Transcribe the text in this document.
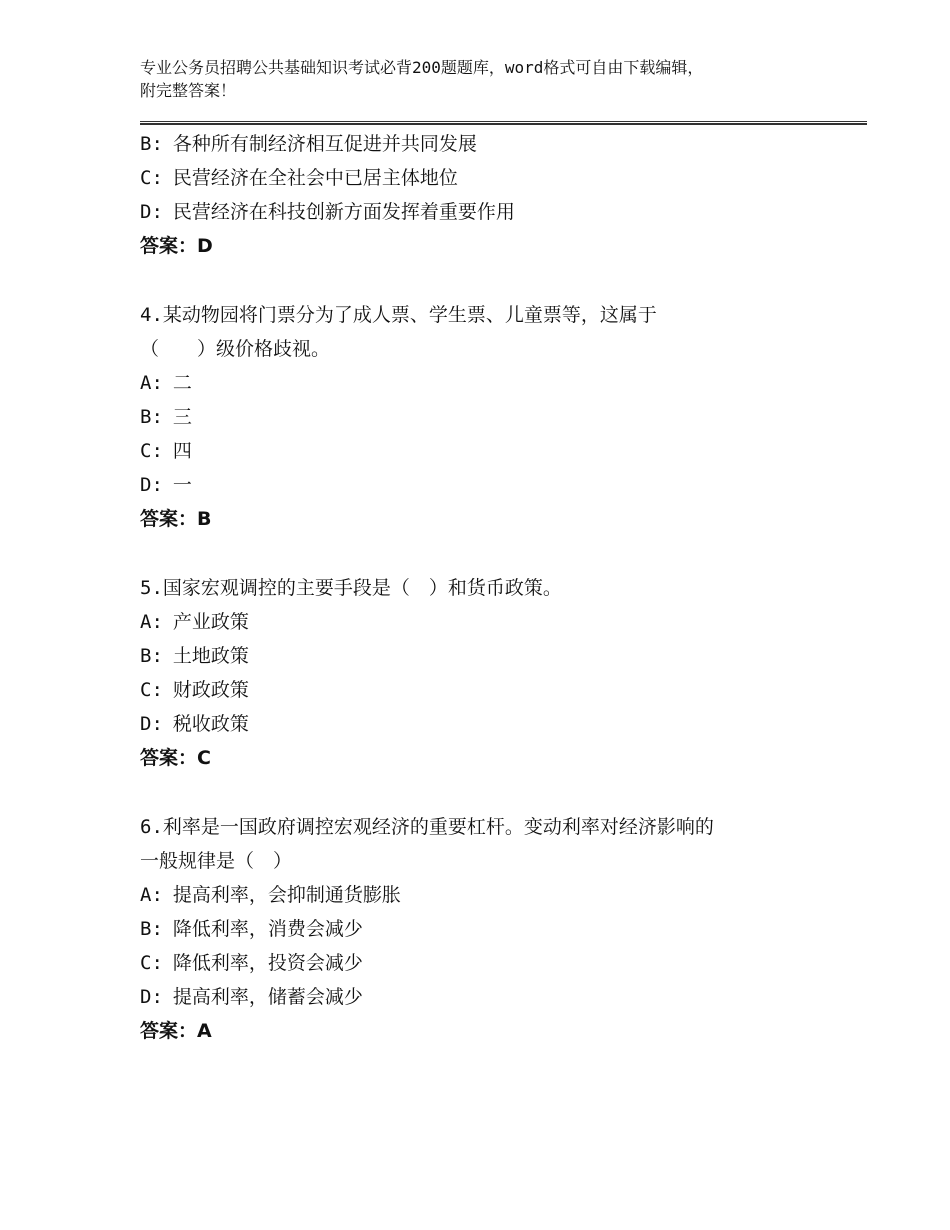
专业公务员招聘公共基础知识考试必背200题题库，word格式可自由下载编辑，
附完整答案！
B: 各种所有制经济相互促进并共同发展
C: 民营经济在全社会中已居主体地位
D: 民营经济在科技创新方面发挥着重要作用
答案：D
4.某动物园将门票分为了成人票、学生票、儿童票等，这属于
（　　）级价格歧视。
A: 二
B: 三
C: 四
D: 一
答案：B
5.国家宏观调控的主要手段是（　）和货币政策。
A: 产业政策
B: 土地政策
C: 财政政策
D: 税收政策
答案：C
6.利率是一国政府调控宏观经济的重要杠杆。变动利率对经济影响的
一般规律是（　）
A: 提高利率，会抑制通货膨胀
B: 降低利率，消费会减少
C: 降低利率，投资会减少
D: 提高利率，储蓄会减少
答案：A
